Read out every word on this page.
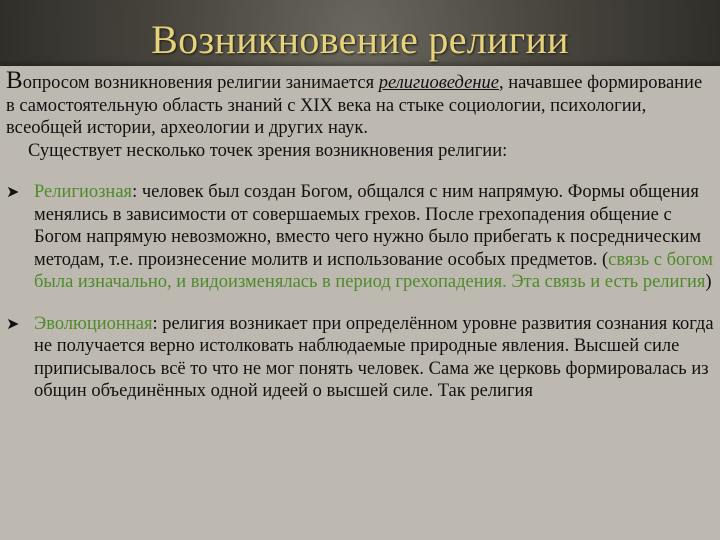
Возникновение религии

Вопросом возникновения религии занимается религиоведение, начавшее формирование в самостоятельную область знаний с XIX века на стыке социологии, психологии, всеобщей истории, археологии и других наук.

Существует несколько точек зрения возникновения религии:

➤ Религиозная: человек был создан Богом, общался с ним напрямую. Формы общения менялись в зависимости от совершаемых грехов. После грехопадения общение с Богом напрямую невозможно, вместо чего нужно было прибегать к посредническим методам, т.е. произнесение молитв и использование особых предметов. (связь с богом была изначально, и видоизменялась в период грехопадения. Эта связь и есть религия)
➤ Эволюционная: религия возникает при определённом уровне развития сознания когда не получается верно истолковать наблюдаемые природные явления. Высшей силе приписывалось всё то что не мог понять человек. Сама же церковь формировалась из общин объединённых одной идеей о высшей силе. Так религия
